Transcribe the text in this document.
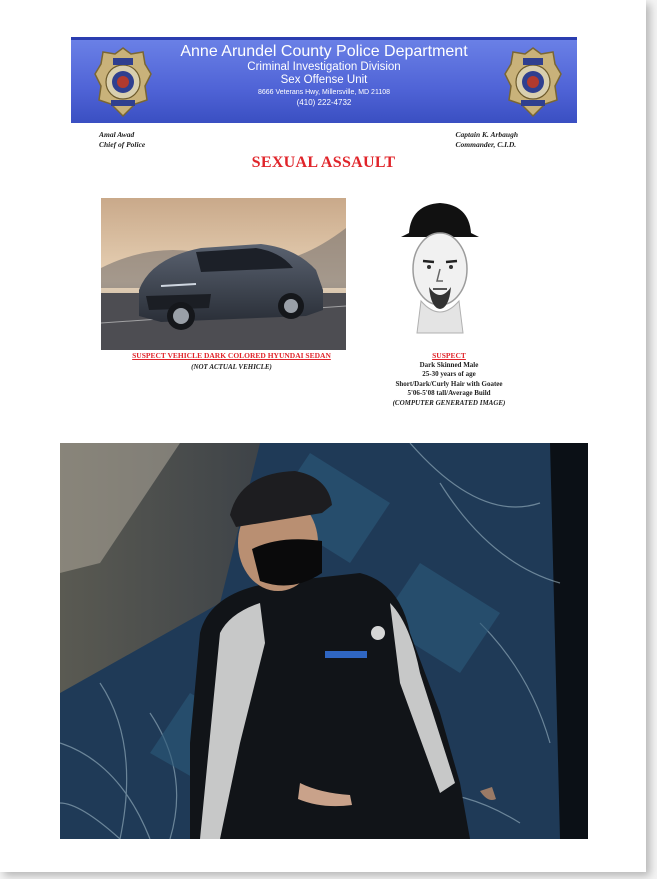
Anne Arundel County Police Department
Criminal Investigation Division
Sex Offense Unit
8666 Veterans Hwy, Millersville, MD 21108
(410) 222-4732
Amal Awad
Chief of Police
Captain K. Arbaugh
Commander, C.I.D.
SEXUAL ASSAULT
SUSPECT VEHICLE DARK COLORED HYUNDAI SEDAN
(NOT ACTUAL VEHICLE)
SUSPECT
Dark Skinned Male
25-30 years of age
Short/Dark/Curly Hair with Goatee
5'06-5'08 tall/Average Build
(COMPUTER GENERATED IMAGE)
